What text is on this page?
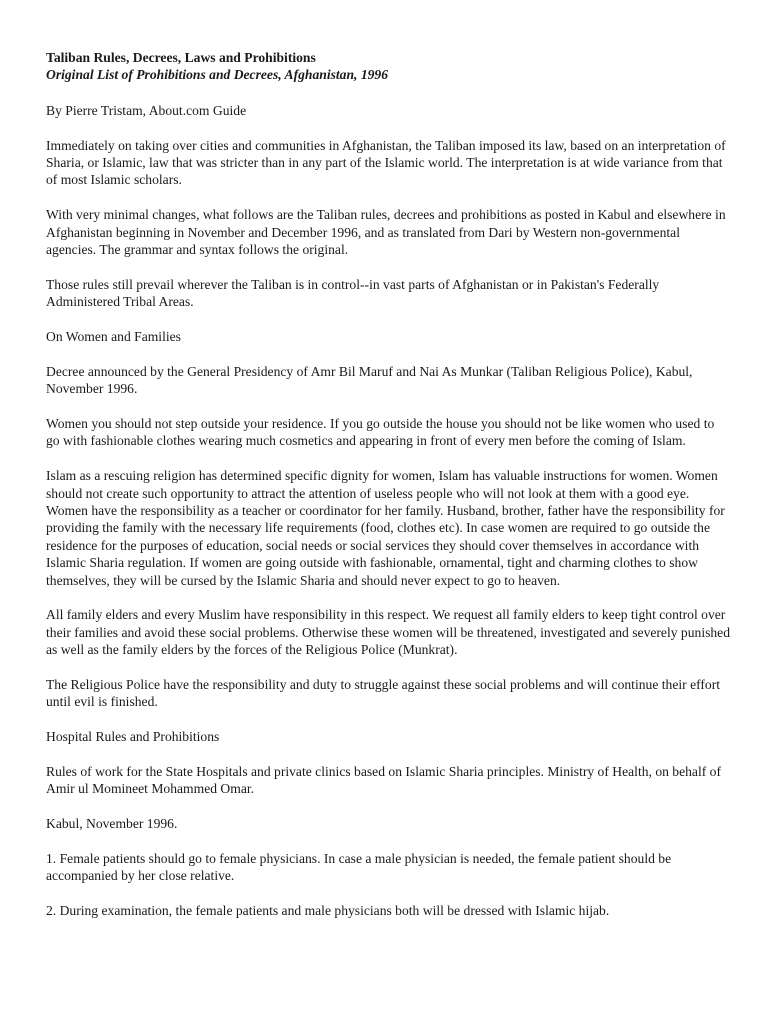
Taliban Rules, Decrees, Laws and Prohibitions
Original List of Prohibitions and Decrees, Afghanistan, 1996

By Pierre Tristam, About.com Guide

Immediately on taking over cities and communities in Afghanistan, the Taliban imposed its law, based on an interpretation of Sharia, or Islamic, law that was stricter than in any part of the Islamic world. The interpretation is at wide variance from that of most Islamic scholars.

With very minimal changes, what follows are the Taliban rules, decrees and prohibitions as posted in Kabul and elsewhere in Afghanistan beginning in November and December 1996, and as translated from Dari by Western non-governmental agencies. The grammar and syntax follows the original.

Those rules still prevail wherever the Taliban is in control--in vast parts of Afghanistan or in Pakistan's Federally Administered Tribal Areas.

On Women and Families

Decree announced by the General Presidency of Amr Bil Maruf and Nai As Munkar (Taliban Religious Police), Kabul, November 1996.

Women you should not step outside your residence. If you go outside the house you should not be like women who used to go with fashionable clothes wearing much cosmetics and appearing in front of every men before the coming of Islam.

Islam as a rescuing religion has determined specific dignity for women, Islam has valuable instructions for women. Women should not create such opportunity to attract the attention of useless people who will not look at them with a good eye. Women have the responsibility as a teacher or coordinator for her family. Husband, brother, father have the responsibility for providing the family with the necessary life requirements (food, clothes etc). In case women are required to go outside the residence for the purposes of education, social needs or social services they should cover themselves in accordance with Islamic Sharia regulation. If women are going outside with fashionable, ornamental, tight and charming clothes to show themselves, they will be cursed by the Islamic Sharia and should never expect to go to heaven.

All family elders and every Muslim have responsibility in this respect. We request all family elders to keep tight control over their families and avoid these social problems. Otherwise these women will be threatened, investigated and severely punished as well as the family elders by the forces of the Religious Police (Munkrat).

The Religious Police have the responsibility and duty to struggle against these social problems and will continue their effort until evil is finished.

Hospital Rules and Prohibitions

Rules of work for the State Hospitals and private clinics based on Islamic Sharia principles. Ministry of Health, on behalf of Amir ul Momineet Mohammed Omar.

Kabul, November 1996.

1. Female patients should go to female physicians. In case a male physician is needed, the female patient should be accompanied by her close relative.

2. During examination, the female patients and male physicians both will be dressed with Islamic hijab.
